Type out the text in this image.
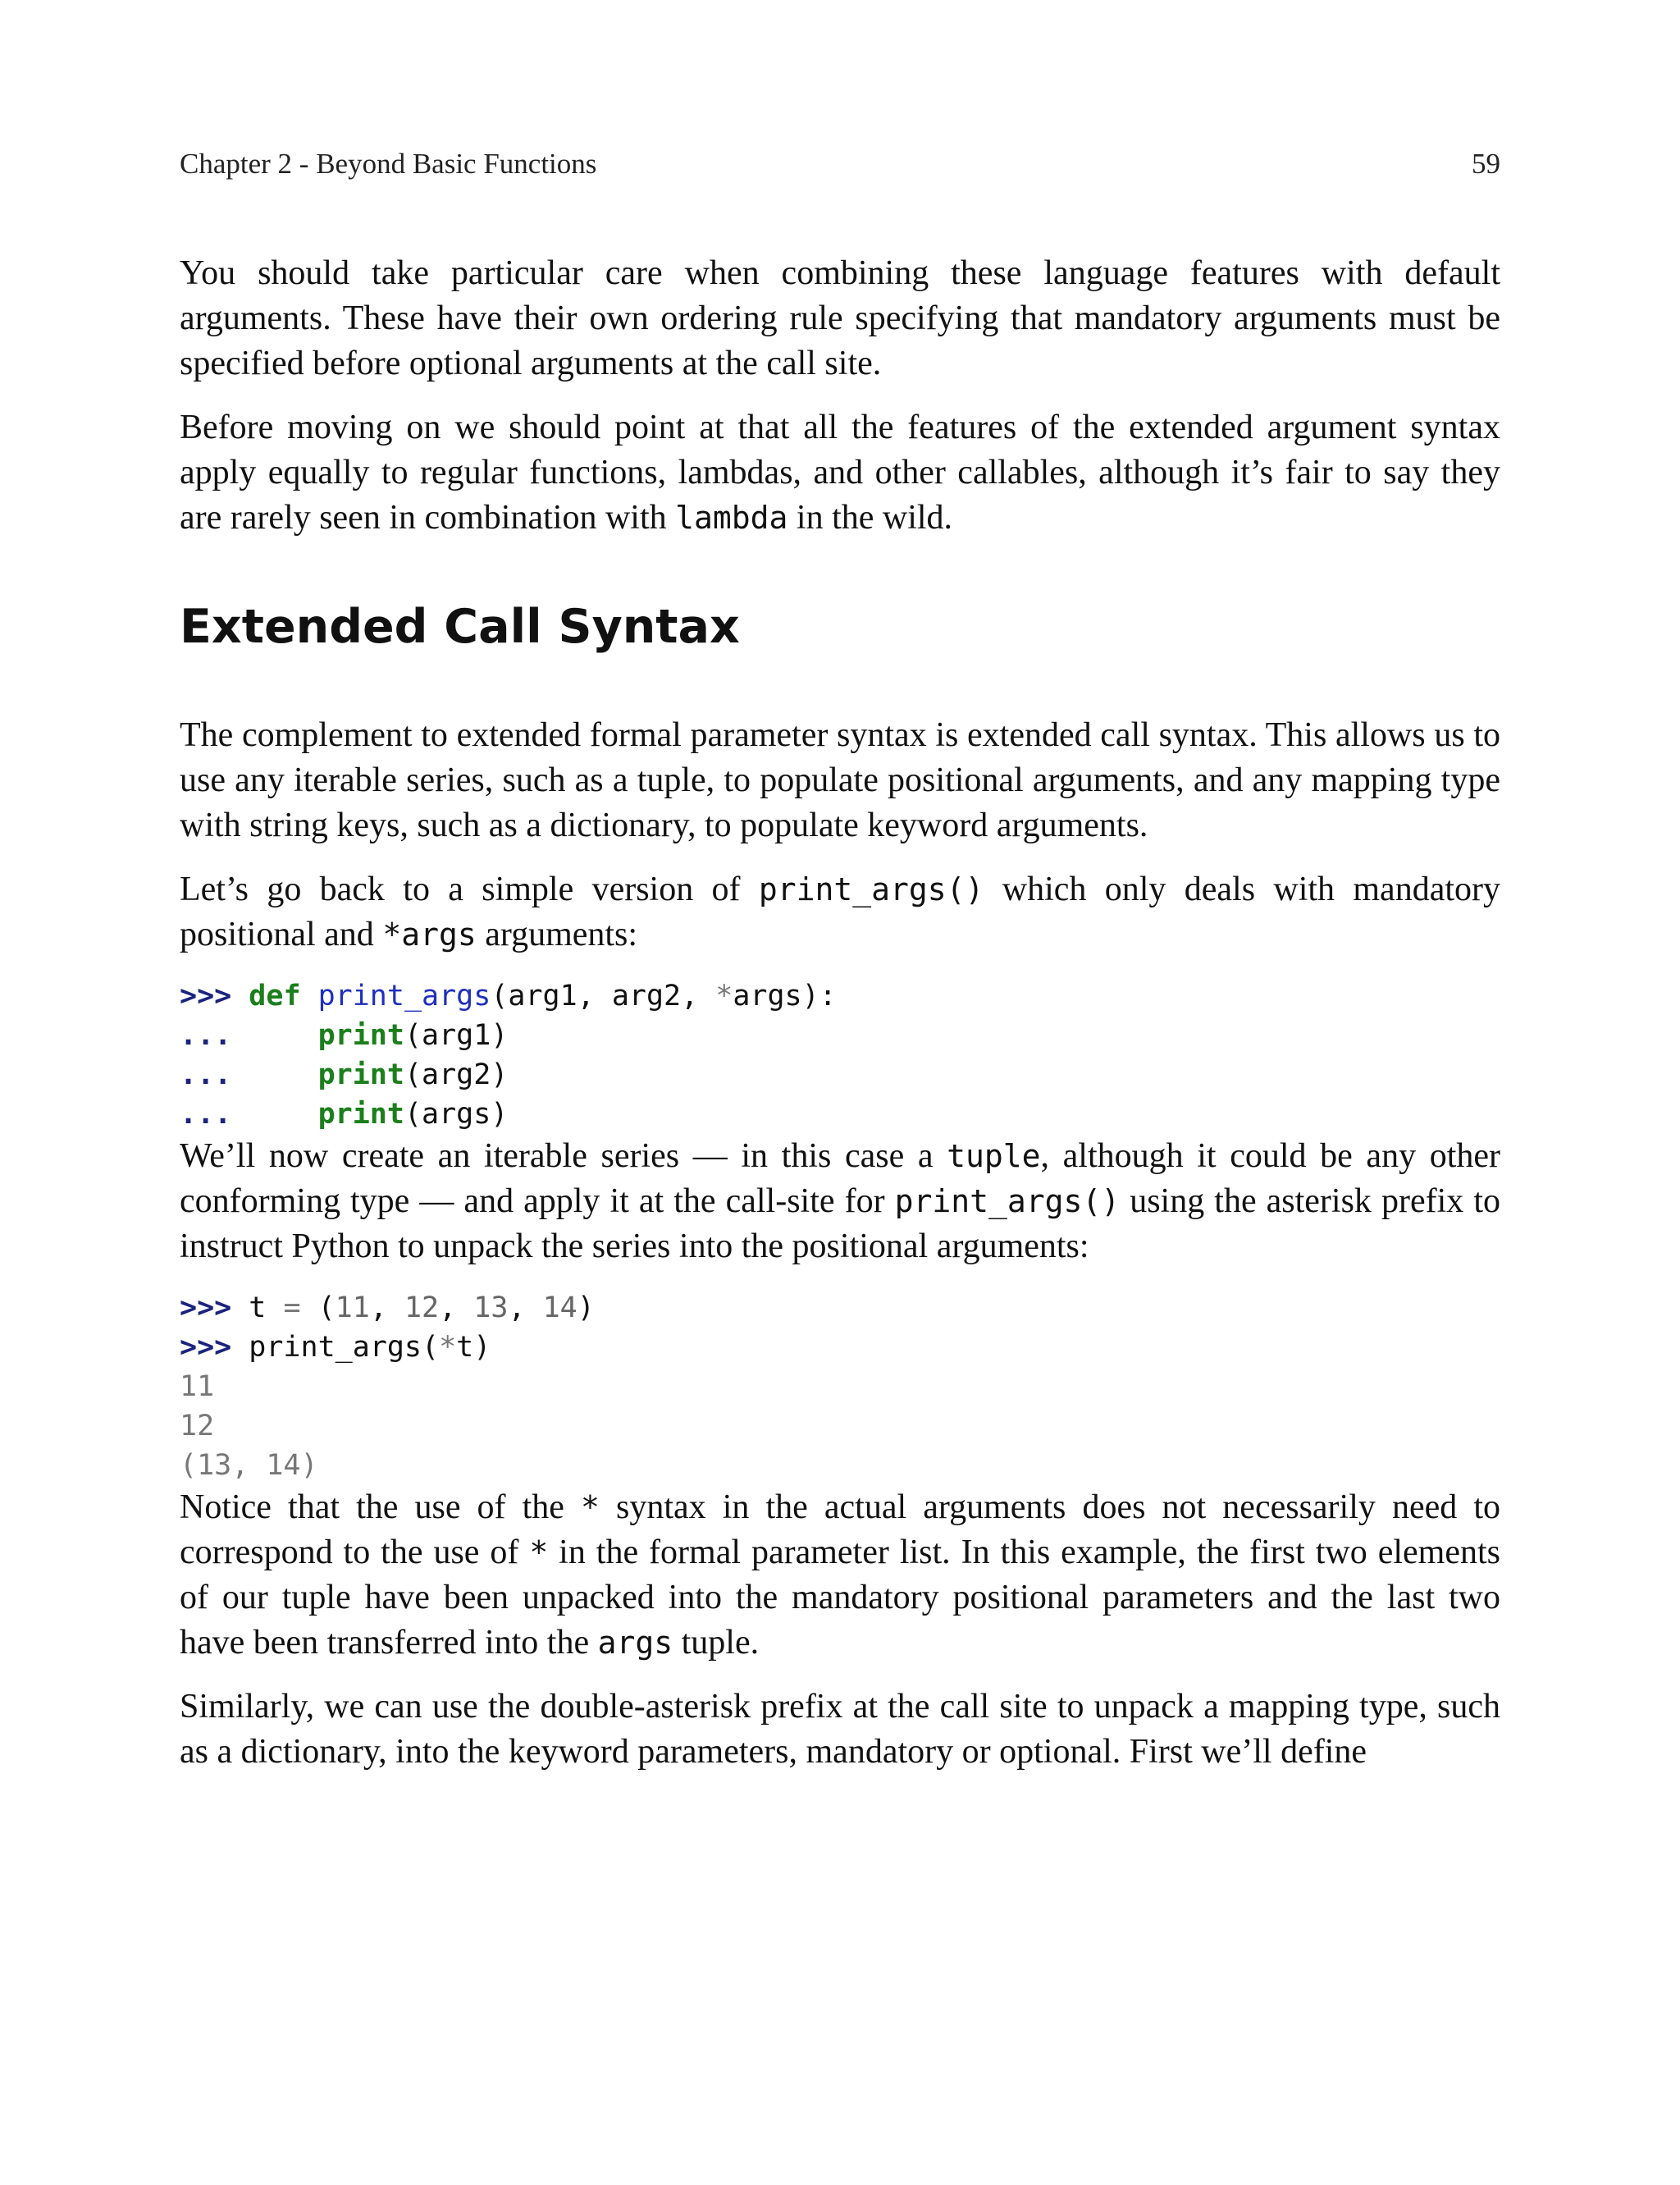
Chapter 2 - Beyond Basic Functions	59

You should take particular care when combining these language features with default arguments. These have their own ordering rule specifying that mandatory arguments must be specified before optional arguments at the call site.

Before moving on we should point at that all the features of the extended argument syntax apply equally to regular functions, lambdas, and other callables, although it’s fair to say they are rarely seen in combination with lambda in the wild.

Extended Call Syntax

The complement to extended formal parameter syntax is extended call syntax. This allows us to use any iterable series, such as a tuple, to populate positional arguments, and any mapping type with string keys, such as a dictionary, to populate keyword arguments.

Let’s go back to a simple version of print_args() which only deals with mandatory positional and *args arguments:

>>> def print_args(arg1, arg2, *args):
...	print(arg1)
...	print(arg2)
...	print(args)

We’ll now create an iterable series — in this case a tuple, although it could be any other conforming type — and apply it at the call-site for print_args() using the asterisk prefix to instruct Python to unpack the series into the positional arguments:

>>> t = (11, 12, 13, 14)
>>> print_args(*t)
11
12
(13, 14)

Notice that the use of the * syntax in the actual arguments does not necessarily need to correspond to the use of * in the formal parameter list. In this example, the first two elements of our tuple have been unpacked into the mandatory positional parameters and the last two have been transferred into the args tuple.

Similarly, we can use the double-asterisk prefix at the call site to unpack a mapping type, such as a dictionary, into the keyword parameters, mandatory or optional. First we’ll define
